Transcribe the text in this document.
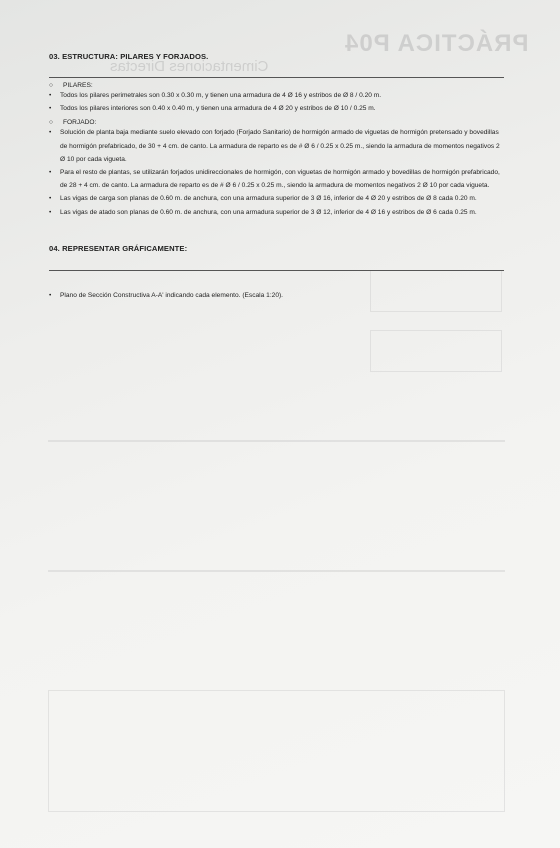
PRÁCTICA P04
Cimentaciones Directas
03. ESTRUCTURA: PILARES Y FORJADOS.
○	PILARES:
• Todos los pilares perimetrales son 0.30 x 0.30 m, y tienen una armadura de 4 Ø 16 y estribos de Ø 8 / 0.20 m.
• Todos los pilares interiores son 0.40 x 0.40 m, y tienen una armadura de 4 Ø 20 y estribos de Ø 10 / 0.25 m.
○	FORJADO:
• Solución de planta baja mediante suelo elevado con forjado (Forjado Sanitario) de hormigón armado de viguetas de hormigón pretensado y bovedillas de hormigón prefabricado, de 30 + 4 cm. de canto. La armadura de reparto es de # Ø 6 / 0.25 x 0.25 m., siendo la armadura de momentos negativos 2 Ø 10 por cada vigueta.
• Para el resto de plantas, se utilizarán forjados unidireccionales de hormigón, con viguetas de hormigón armado y bovedillas de hormigón prefabricado, de 28 + 4 cm. de canto. La armadura de reparto es de # Ø 6 / 0.25 x 0.25 m., siendo la armadura de momentos negativos 2 Ø 10 por cada vigueta.
• Las vigas de carga son planas de 0.60 m. de anchura, con una armadura superior de 3 Ø 16, inferior de 4 Ø 20 y estribos de Ø 8 cada 0.20 m.
• Las vigas de atado son planas de 0.60 m. de anchura, con una armadura superior de 3 Ø 12, inferior de 4 Ø 16 y estribos de Ø 6 cada 0.25 m.
04. REPRESENTAR GRÁFICAMENTE:
• Plano de Sección Constructiva A-A' indicando cada elemento. (Escala 1:20).
